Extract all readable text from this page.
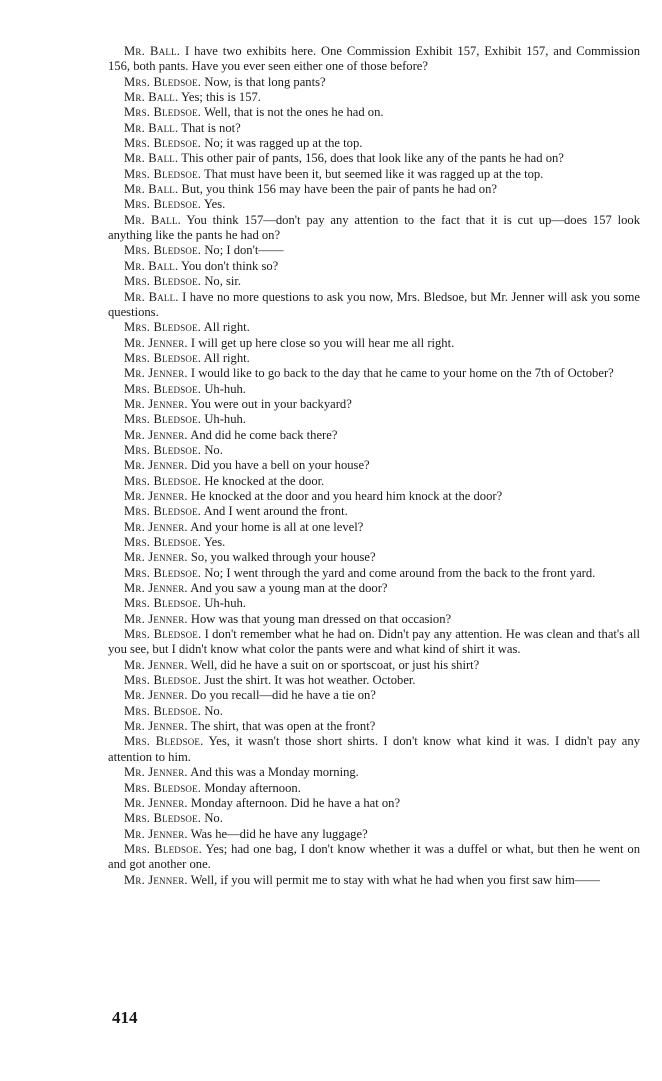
Mr. Ball. I have two exhibits here. One Commission Exhibit 157, Exhibit 157, and Commission 156, both pants. Have you ever seen either one of those before?

Mrs. Bledsoe. Now, is that long pants?

Mr. Ball. Yes; this is 157.

Mrs. Bledsoe. Well, that is not the ones he had on.

Mr. Ball. That is not?

Mrs. Bledsoe. No; it was ragged up at the top.

Mr. Ball. This other pair of pants, 156, does that look like any of the pants he had on?

Mrs. Bledsoe. That must have been it, but seemed like it was ragged up at the top.

Mr. Ball. But, you think 156 may have been the pair of pants he had on?

Mrs. Bledsoe. Yes.

Mr. Ball. You think 157—don't pay any attention to the fact that it is cut up—does 157 look anything like the pants he had on?

Mrs. Bledsoe. No; I don't——

Mr. Ball. You don't think so?

Mrs. Bledsoe. No, sir.

Mr. Ball. I have no more questions to ask you now, Mrs. Bledsoe, but Mr. Jenner will ask you some questions.

Mrs. Bledsoe. All right.

Mr. Jenner. I will get up here close so you will hear me all right.

Mrs. Bledsoe. All right.

Mr. Jenner. I would like to go back to the day that he came to your home on the 7th of October?

Mrs. Bledsoe. Uh-huh.

Mr. Jenner. You were out in your backyard?

Mrs. Bledsoe. Uh-huh.

Mr. Jenner. And did he come back there?

Mrs. Bledsoe. No.

Mr. Jenner. Did you have a bell on your house?

Mrs. Bledsoe. He knocked at the door.

Mr. Jenner. He knocked at the door and you heard him knock at the door?

Mrs. Bledsoe. And I went around the front.

Mr. Jenner. And your home is all at one level?

Mrs. Bledsoe. Yes.

Mr. Jenner. So, you walked through your house?

Mrs. Bledsoe. No; I went through the yard and come around from the back to the front yard.

Mr. Jenner. And you saw a young man at the door?

Mrs. Bledsoe. Uh-huh.

Mr. Jenner. How was that young man dressed on that occasion?

Mrs. Bledsoe. I don't remember what he had on. Didn't pay any attention. He was clean and that's all you see, but I didn't know what color the pants were and what kind of shirt it was.

Mr. Jenner. Well, did he have a suit on or sportscoat, or just his shirt?

Mrs. Bledsoe. Just the shirt. It was hot weather. October.

Mr. Jenner. Do you recall—did he have a tie on?

Mrs. Bledsoe. No.

Mr. Jenner. The shirt, that was open at the front?

Mrs. Bledsoe. Yes, it wasn't those short shirts. I don't know what kind it was. I didn't pay any attention to him.

Mr. Jenner. And this was a Monday morning.

Mrs. Bledsoe. Monday afternoon.

Mr. Jenner. Monday afternoon. Did he have a hat on?

Mrs. Bledsoe. No.

Mr. Jenner. Was he—did he have any luggage?

Mrs. Bledsoe. Yes; had one bag, I don't know whether it was a duffel or what, but then he went on and got another one.

Mr. Jenner. Well, if you will permit me to stay with what he had when you first saw him——

414
